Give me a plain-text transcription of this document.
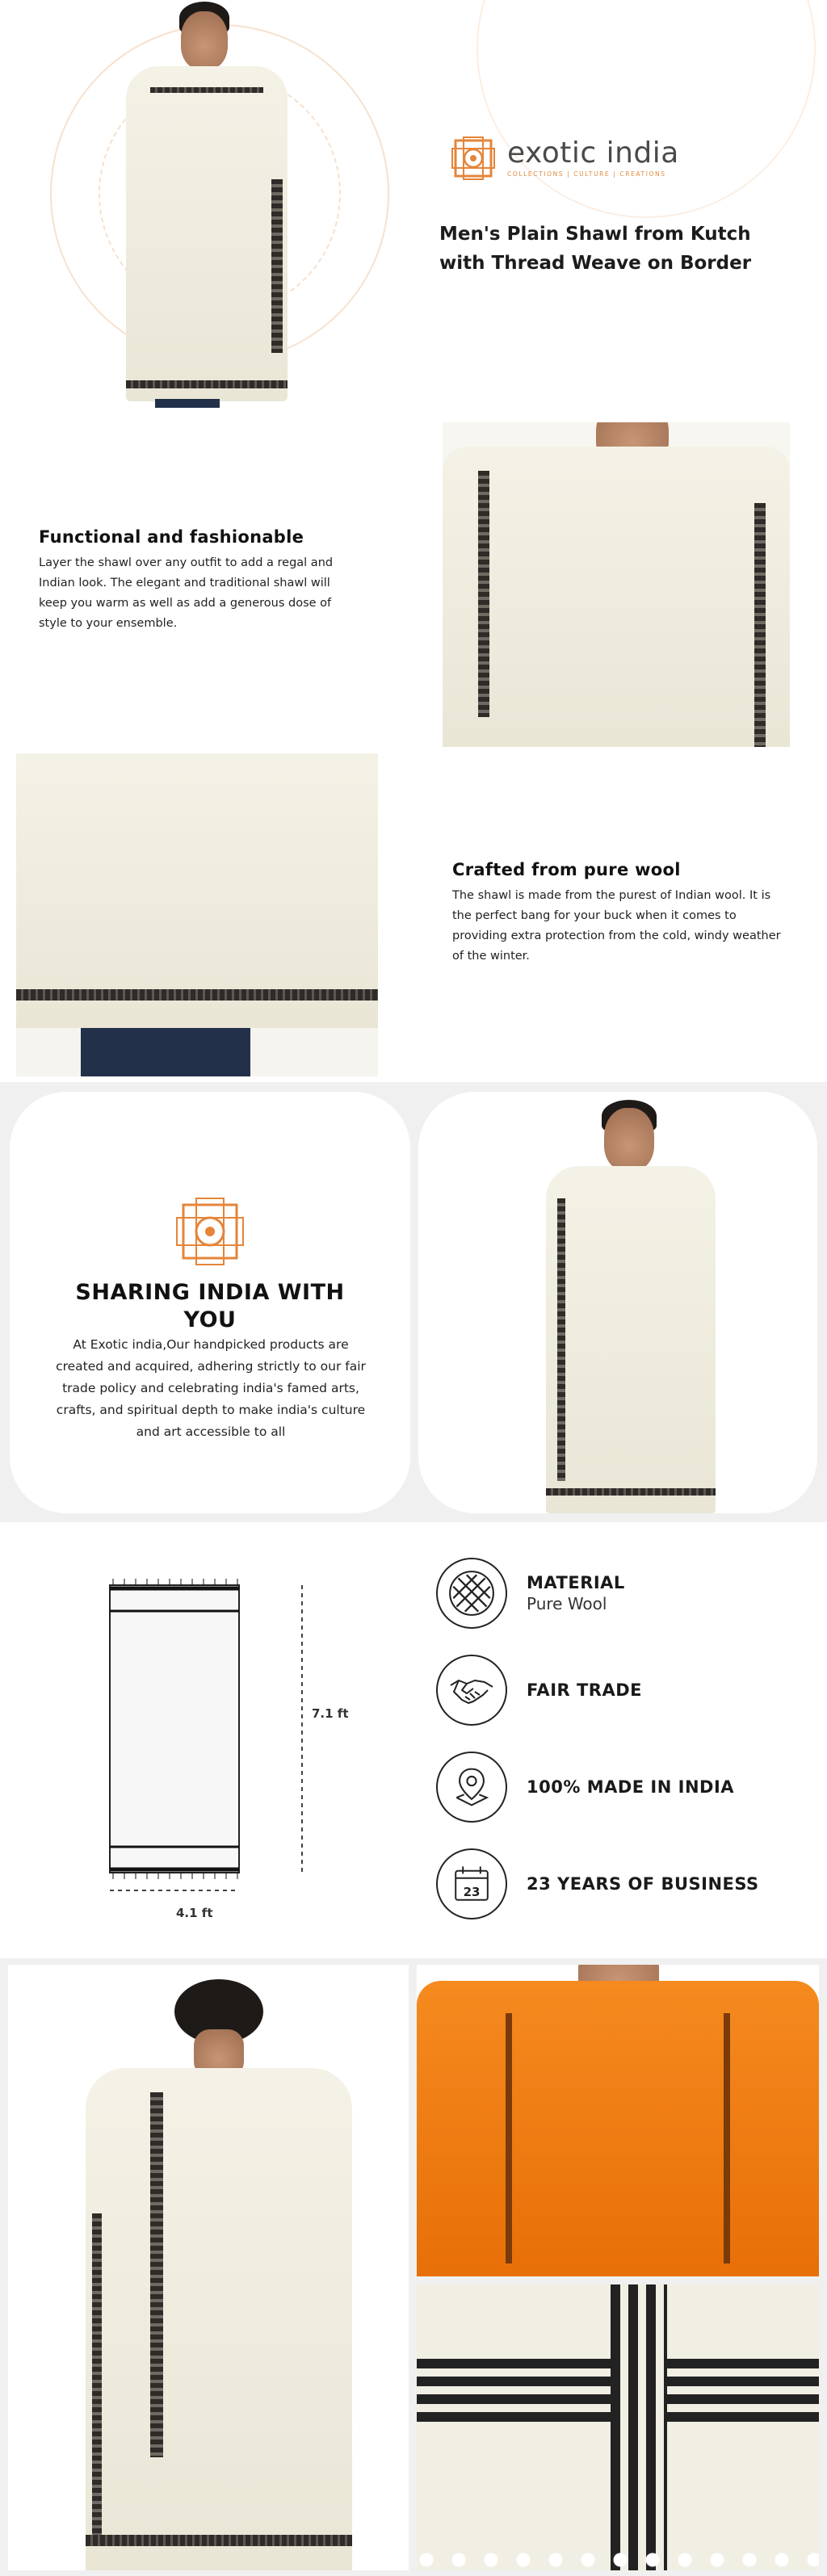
exotic india
COLLECTIONS | CULTURE | CREATIONS
Men's Plain Shawl from Kutch with Thread Weave on Border
Functional and fashionable

Layer the shawl over any outfit to add a regal and Indian look. The elegant and traditional shawl will keep you warm as well as add a generous dose of style to your ensemble.

Crafted from pure wool

The shawl is made from the purest of Indian wool. It is the perfect bang for your buck when it comes to providing extra protection from the cold, windy weather of the winter.

SHARING INDIA WITH YOU

At Exotic india,Our handpicked products are created and acquired, adhering strictly to our fair trade policy and celebrating india's famed arts, crafts, and spiritual depth to make india's culture and art accessible to all

7.1 ft
4.1 ft
MATERIAL
Pure Wool
FAIR TRADE
100% MADE IN INDIA
23	23 YEARS OF BUSINESS
